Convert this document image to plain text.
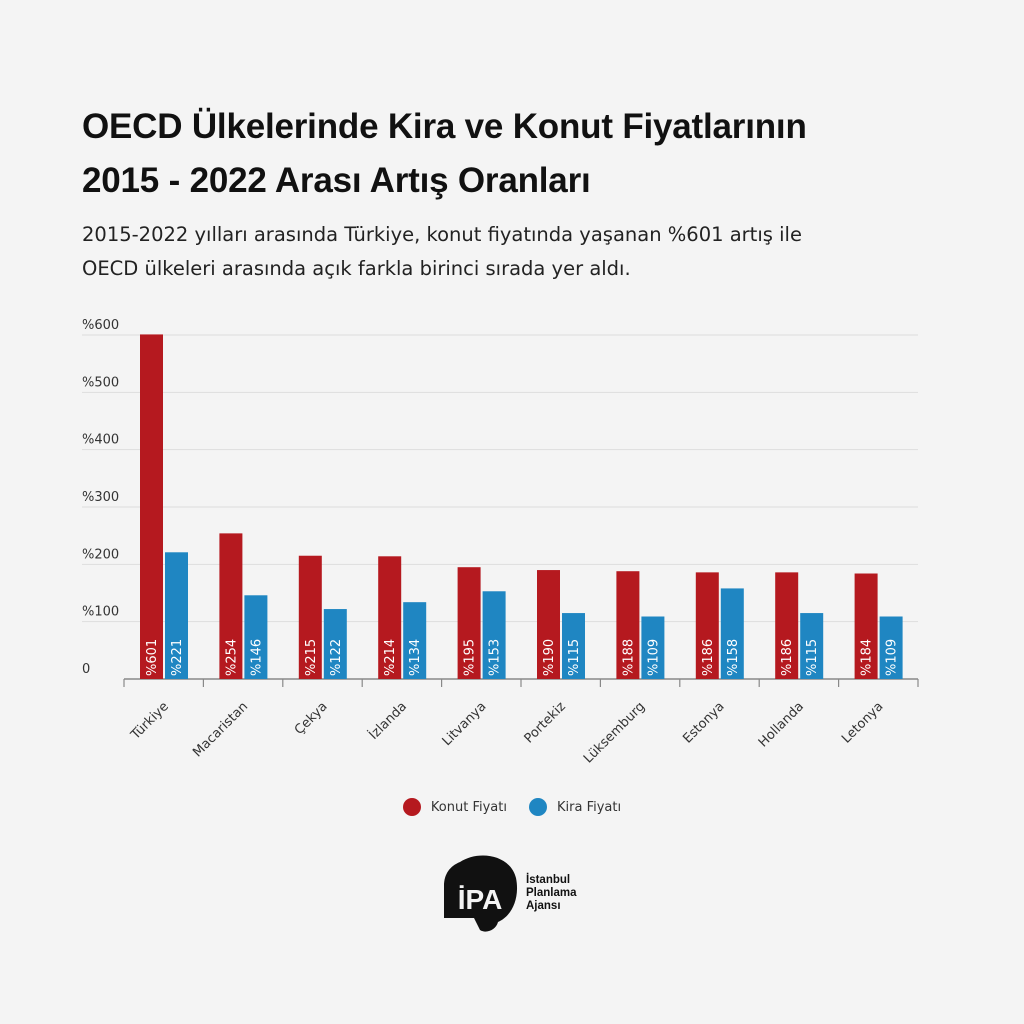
OECD Ülkelerinde Kira ve Konut Fiyatlarının
2015 - 2022 Arası Artış Oranları

2015-2022 yılları arasında Türkiye, konut fiyatında yaşanan %601 artış ile
OECD ülkeleri arasında açık farkla birinci sırada yer aldı.

0
%100
%200
%300
%400
%500
%600
%601 %221
Türkiye
%254 %146
Macaristan
%215 %122
Çekya
%214 %134
İzlanda
%195 %153
Litvanya
%190 %115
Portekiz
%188 %109
Lüksemburg
%186 %158
Estonya
%186 %115
Hollanda
%184 %109
Letonya
Konut Fiyatı	Kira Fiyatı
İPA
İstanbul
Planlama
Ajansı
